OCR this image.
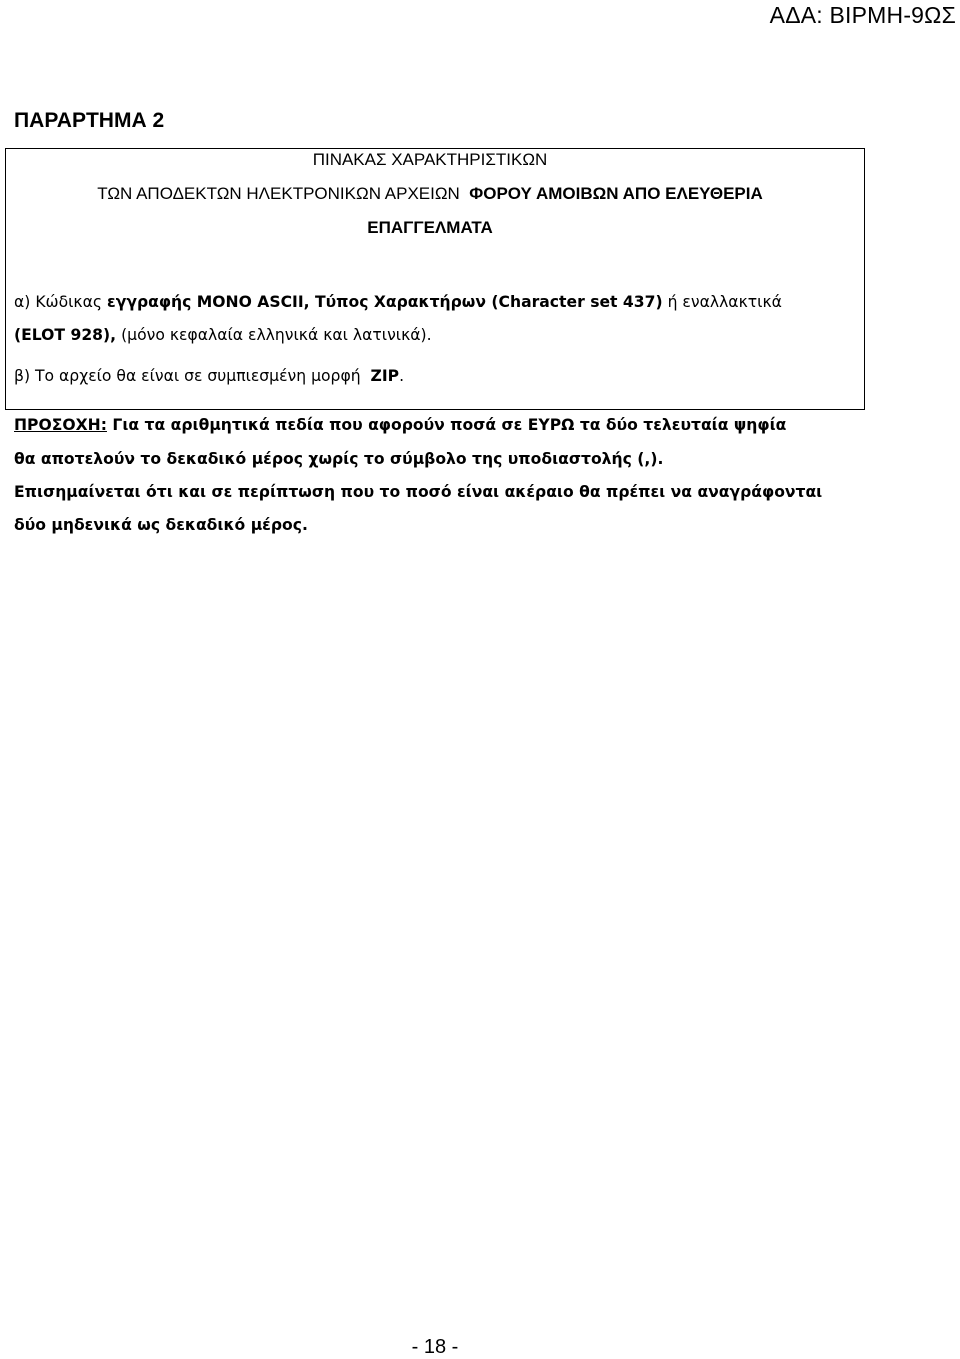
ΑΔΑ: ΒΙΡΜΗ-9ΩΣ
ΠΑΡΑΡΤΗΜΑ 2
ΠΙΝΑΚΑΣ ΧΑΡΑΚΤΗΡΙΣΤΙΚΩΝ
ΤΩΝ ΑΠΟΔΕΚΤΩΝ ΗΛΕΚΤΡΟΝΙΚΩΝ ΑΡΧΕΙΩΝ ΦΟΡΟΥ ΑΜΟΙΒΩΝ ΑΠΟ ΕΛΕΥΘΕΡΙΑ
ΕΠΑΓΓΕΛΜΑΤΑ
α) Κώδικας εγγραφής ΜΟΝΟ ASCII, Τύπος Χαρακτήρων (Character set 437) ή εναλλακτικά
(ELOT 928), (μόνο κεφαλαία ελληνικά και λατινικά).
β) Το αρχείο θα είναι σε συμπιεσμένη μορφή ZIP.
ΠΡΟΣΟΧΗ: Για τα αριθμητικά πεδία που αφορούν ποσά σε ΕΥΡΩ τα δύο τελευταία ψηφία
θα αποτελούν το δεκαδικό μέρος χωρίς το σύμβολο της υποδιαστολής (,).
Επισημαίνεται ότι και σε περίπτωση που το ποσό είναι ακέραιο θα πρέπει να αναγράφονται
δύο μηδενικά ως δεκαδικό μέρος.
- 18 -
